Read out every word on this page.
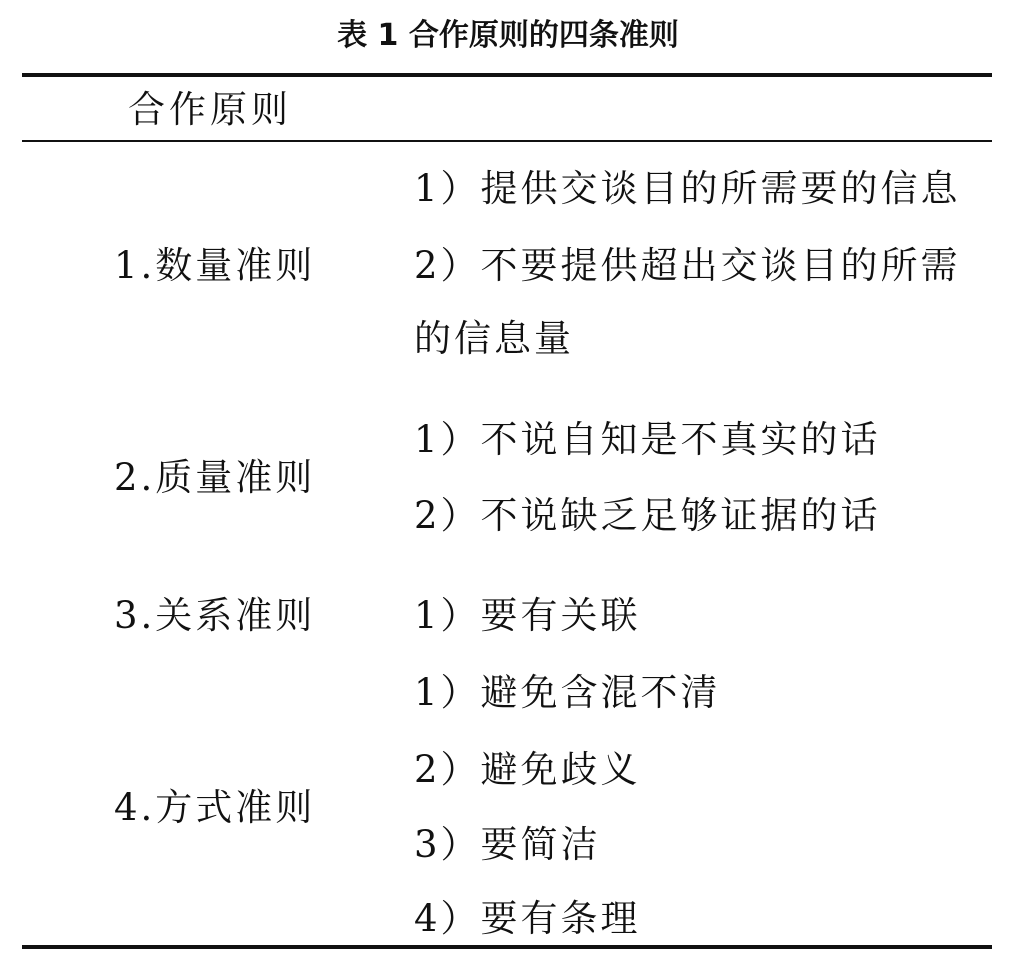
表 1 合作原则的四条准则
合作原则
1.数量准则
1）提供交谈目的所需要的信息
2）不要提供超出交谈目的所需
的信息量
2.质量准则
1）不说自知是不真实的话
2）不说缺乏足够证据的话
3.关系准则	1）要有关联
4.方式准则
1）避免含混不清
2）避免歧义
3）要简洁
4）要有条理
